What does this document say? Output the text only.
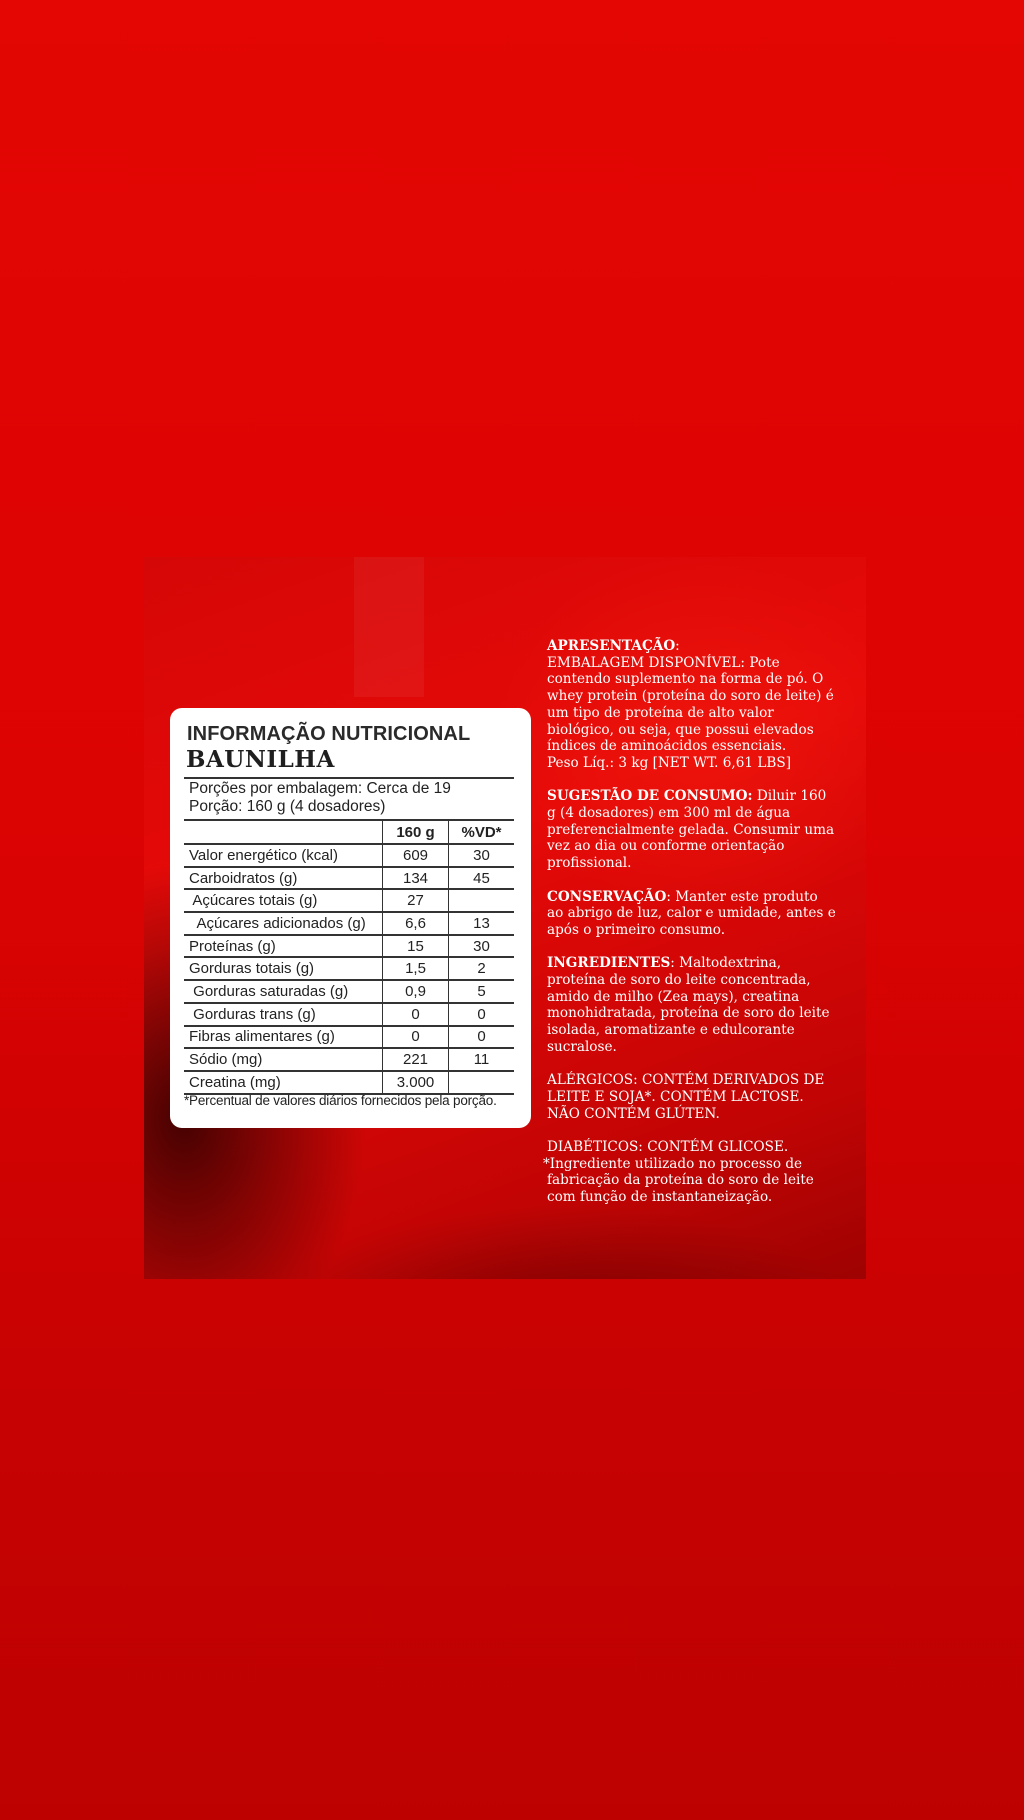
INFORMAÇÃO NUTRICIONAL
BAUNILHA
Porções por embalagem: Cerca de 19
Porção: 160 g (4 dosadores)
	160 g	%VD*
Valor energético (kcal)	609	30
Carboidratos (g)	134	45
Açúcares totais (g)	27	
Açúcares adicionados (g)	6,6	13
Proteínas (g)	15	30
Gorduras totais (g)	1,5	2
Gorduras saturadas (g)	0,9	5
Gorduras trans (g)	0	0
Fibras alimentares (g)	0	0
Sódio (mg)	221	11
Creatina (mg)	3.000	
*Percentual de valores diários fornecidos pela porção.

APRESENTAÇÃO:
EMBALAGEM DISPONÍVEL: Pote contendo suplemento na forma de pó. O whey protein (proteína do soro de leite) é um tipo de proteína de alto valor biológico, ou seja, que possui elevados índices de aminoácidos essenciais.
Peso Líq.: 3 kg [NET WT. 6,61 LBS]

SUGESTÃO DE CONSUMO: Diluir 160 g (4 dosadores) em 300 ml de água preferencialmente gelada. Consumir uma vez ao dia ou conforme orientação profissional.

CONSERVAÇÃO: Manter este produto ao abrigo de luz, calor e umidade, antes e após o primeiro consumo.

INGREDIENTES: Maltodextrina, proteína de soro do leite concentrada, amido de milho (Zea mays), creatina monohidratada, proteína de soro do leite isolada, aromatizante e edulcorante sucralose.

ALÉRGICOS: CONTÉM DERIVADOS DE LEITE E SOJA*. CONTÉM LACTOSE. NÃO CONTÉM GLÚTEN.

DIABÉTICOS: CONTÉM GLICOSE.
*Ingrediente utilizado no processo de fabricação da proteína do soro de leite com função de instantaneização.
